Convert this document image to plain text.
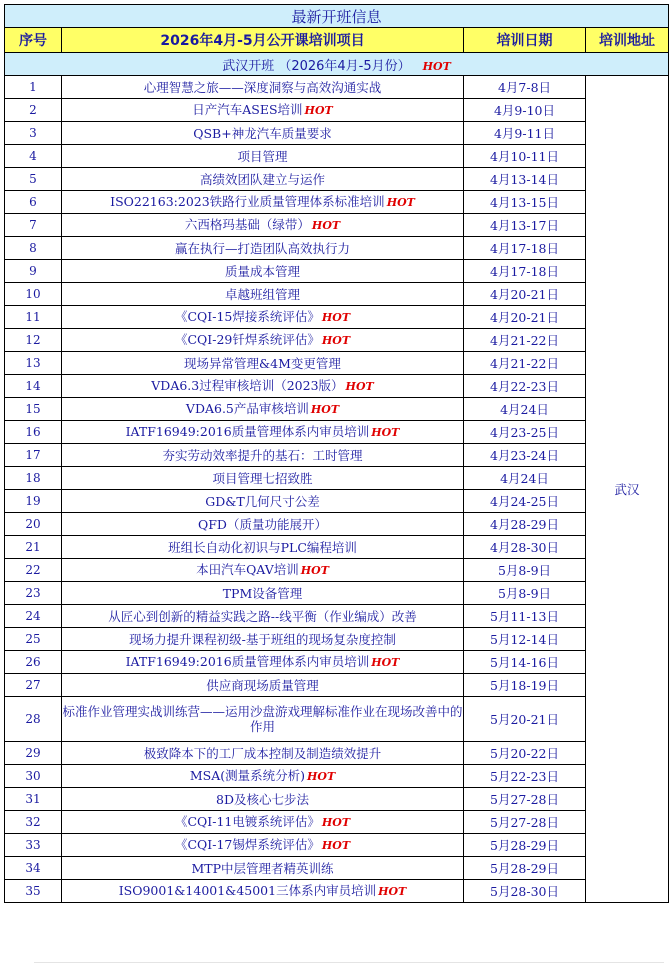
最新开班信息			
序号	2026年4月-5月公开课培训项目	培训日期	培训地址
武汉开班 （2026年4月-5月份） HOT			
1	心理智慧之旅——深度洞察与高效沟通实战	4月7-8日	武汉
2	日产汽车ASES培训 HOT	4月9-10日	
3	QSB+神龙汽车质量要求	4月9-11日	
4	项目管理	4月10-11日	
5	高绩效团队建立与运作	4月13-14日	
6	ISO22163:2023铁路行业质量管理体系标准培训 HOT	4月13-15日	
7	六西格玛基础（绿带） HOT	4月13-17日	
8	赢在执行—打造团队高效执行力	4月17-18日	
9	质量成本管理	4月17-18日	
10	卓越班组管理	4月20-21日	
11	《CQI-15焊接系统评估》 HOT	4月20-21日	
12	《CQI-29钎焊系统评估》 HOT	4月21-22日	
13	现场异常管理&4M变更管理	4月21-22日	
14	VDA6.3过程审核培训（2023版） HOT	4月22-23日	
15	VDA6.5产品审核培训 HOT	4月24日	
16	IATF16949:2016质量管理体系内审员培训 HOT	4月23-25日	
17	夯实劳动效率提升的基石：工时管理	4月23-24日	
18	项目管理七招致胜	4月24日	
19	GD&T几何尺寸公差	4月24-25日	
20	QFD（质量功能展开）	4月28-29日	
21	班组长自动化初识与PLC编程培训	4月28-30日	
22	本田汽车QAV培训 HOT	5月8-9日	
23	TPM设备管理	5月8-9日	
24	从匠心到创新的精益实践之路--线平衡（作业编成）改善	5月11-13日	
25	现场力提升课程初级-基于班组的现场复杂度控制	5月12-14日	
26	IATF16949:2016质量管理体系内审员培训 HOT	5月14-16日	
27	供应商现场质量管理	5月18-19日	
28	标准作业管理实战训练营——运用沙盘游戏理解标准作业在现场改善中的作用	5月20-21日	
29	极致降本下的工厂成本控制及制造绩效提升	5月20-22日	
30	MSA(测量系统分析) HOT	5月22-23日	
31	8D及核心七步法	5月27-28日	
32	《CQI-11电镀系统评估》 HOT	5月27-28日	
33	《CQI-17锡焊系统评估》 HOT	5月28-29日	
34	MTP中层管理者精英训练	5月28-29日	
35	ISO9001&14001&45001三体系内审员培训 HOT	5月28-30日	
